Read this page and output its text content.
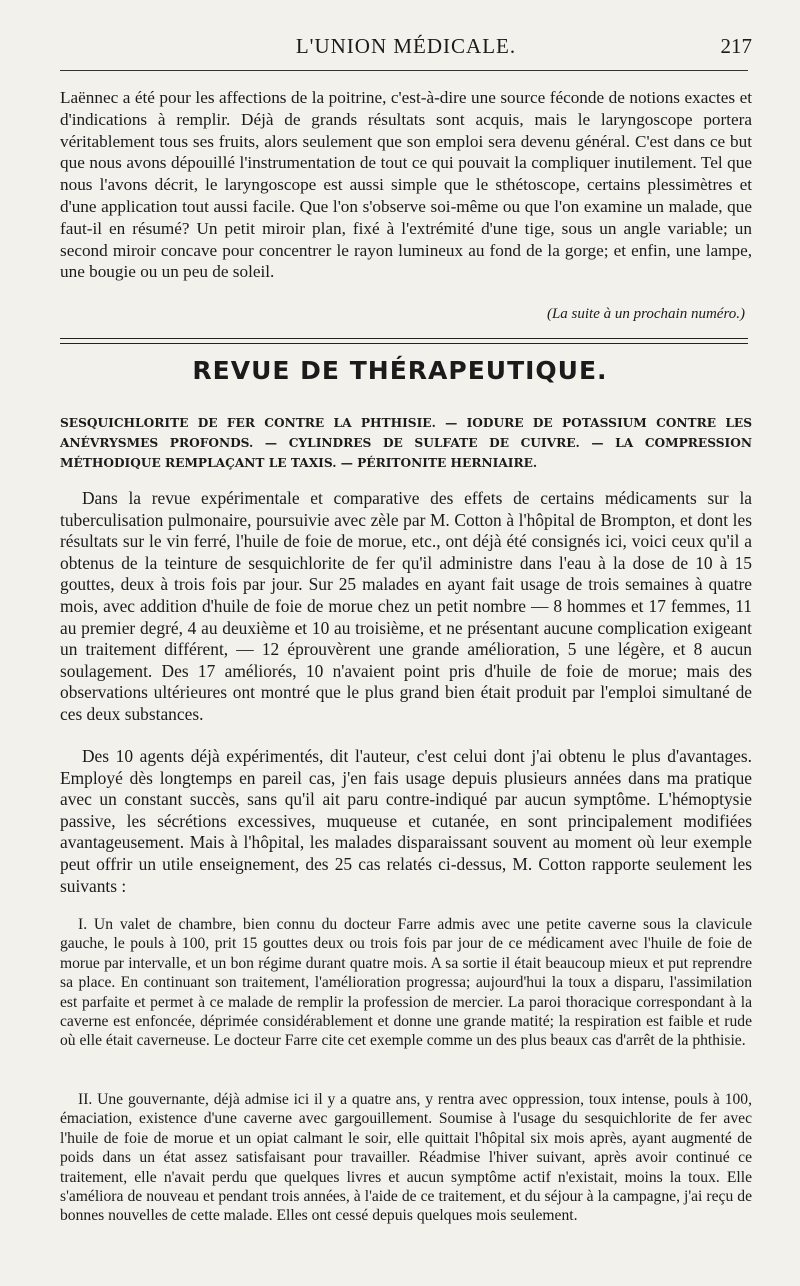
L'UNION MÉDICALE.	217

Laënnec a été pour les affections de la poitrine, c'est-à-dire une source féconde de notions exactes et d'indications à remplir. Déjà de grands résultats sont acquis, mais le laryngoscope portera véritablement tous ses fruits, alors seulement que son emploi sera devenu général. C'est dans ce but que nous avons dépouillé l'instrumentation de tout ce qui pouvait la compliquer inutilement. Tel que nous l'avons décrit, le laryngoscope est aussi simple que le sthétoscope, certains plessimètres et d'une application tout aussi facile. Que l'on s'observe soi-même ou que l'on examine un malade, que faut-il en résumé? Un petit miroir plan, fixé à l'extrémité d'une tige, sous un angle variable; un second miroir concave pour concentrer le rayon lumineux au fond de la gorge; et enfin, une lampe, une bougie ou un peu de soleil.

(La suite à un prochain numéro.)
REVUE DE THÉRAPEUTIQUE.

SESQUICHLORITE DE FER CONTRE LA PHTHISIE. — IODURE DE POTASSIUM CONTRE LES ANÉVRYSMES PROFONDS. — CYLINDRES DE SULFATE DE CUIVRE. — LA COMPRESSION MÉTHODIQUE REMPLAÇANT LE TAXIS. — PÉRITONITE HERNIAIRE.

Dans la revue expérimentale et comparative des effets de certains médicaments sur la tuberculisation pulmonaire, poursuivie avec zèle par M. Cotton à l'hôpital de Brompton, et dont les résultats sur le vin ferré, l'huile de foie de morue, etc., ont déjà été consignés ici, voici ceux qu'il a obtenus de la teinture de sesquichlorite de fer qu'il administre dans l'eau à la dose de 10 à 15 gouttes, deux à trois fois par jour. Sur 25 malades en ayant fait usage de trois semaines à quatre mois, avec addition d'huile de foie de morue chez un petit nombre — 8 hommes et 17 femmes, 11 au premier degré, 4 au deuxième et 10 au troisième, et ne présentant aucune complication exigeant un traitement différent, — 12 éprouvèrent une grande amélioration, 5 une légère, et 8 aucun soulagement. Des 17 améliorés, 10 n'avaient point pris d'huile de foie de morue; mais des observations ultérieures ont montré que le plus grand bien était produit par l'emploi simultané de ces deux substances.

Des 10 agents déjà expérimentés, dit l'auteur, c'est celui dont j'ai obtenu le plus d'avantages. Employé dès longtemps en pareil cas, j'en fais usage depuis plusieurs années dans ma pratique avec un constant succès, sans qu'il ait paru contre-indiqué par aucun symptôme. L'hémoptysie passive, les sécrétions excessives, muqueuse et cutanée, en sont principalement modifiées avantageusement. Mais à l'hôpital, les malades disparaissant souvent au moment où leur exemple peut offrir un utile enseignement, des 25 cas relatés ci-dessus, M. Cotton rapporte seulement les suivants :

I. Un valet de chambre, bien connu du docteur Farre admis avec une petite caverne sous la clavicule gauche, le pouls à 100, prit 15 gouttes deux ou trois fois par jour de ce médicament avec l'huile de foie de morue par intervalle, et un bon régime durant quatre mois. A sa sortie il était beaucoup mieux et put reprendre sa place. En continuant son traitement, l'amélioration progressa; aujourd'hui la toux a disparu, l'assimilation est parfaite et permet à ce malade de remplir la profession de mercier. La paroi thoracique correspondant à la caverne est enfoncée, déprimée considérablement et donne une grande matité; la respiration est faible et rude où elle était caverneuse. Le docteur Farre cite cet exemple comme un des plus beaux cas d'arrêt de la phthisie.

II. Une gouvernante, déjà admise ici il y a quatre ans, y rentra avec oppression, toux intense, pouls à 100, émaciation, existence d'une caverne avec gargouillement. Soumise à l'usage du sesquichlorite de fer avec l'huile de foie de morue et un opiat calmant le soir, elle quittait l'hôpital six mois après, ayant augmenté de poids dans un état assez satisfaisant pour travailler. Réadmise l'hiver suivant, après avoir continué ce traitement, elle n'avait perdu que quelques livres et aucun symptôme actif n'existait, moins la toux. Elle s'améliora de nouveau et pendant trois années, à l'aide de ce traitement, et du séjour à la campagne, j'ai reçu de bonnes nouvelles de cette malade. Elles ont cessé depuis quelques mois seulement.
